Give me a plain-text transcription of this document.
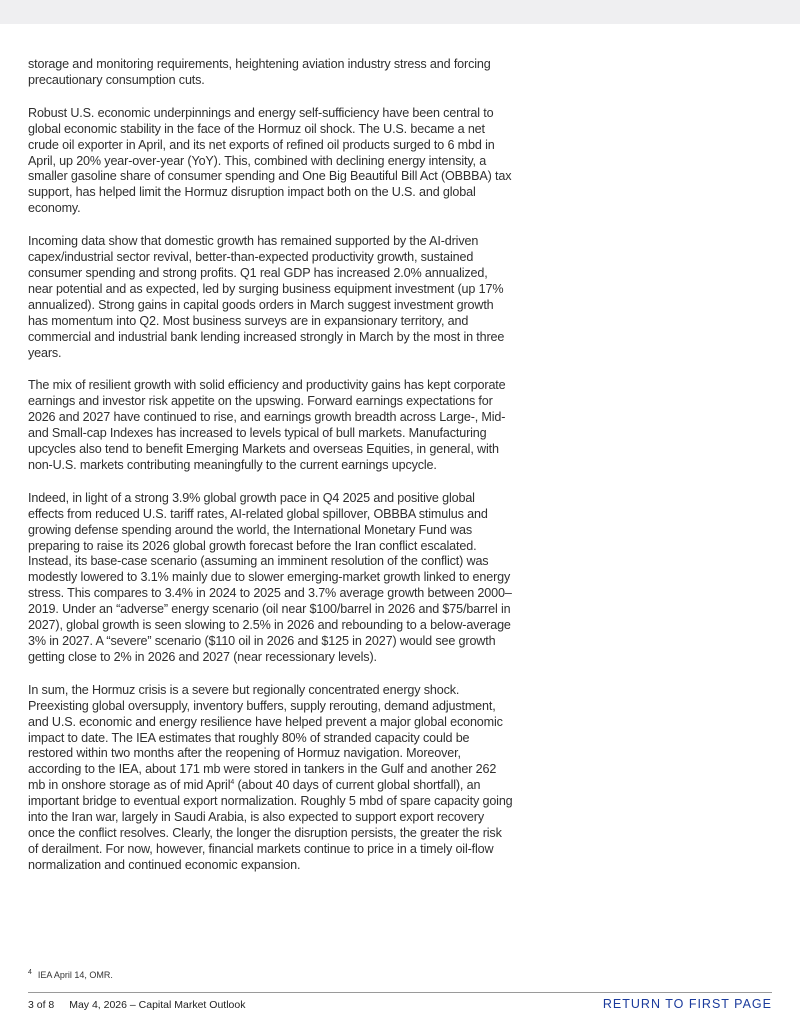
storage and monitoring requirements, heightening aviation industry stress and forcing precautionary consumption cuts.

Robust U.S. economic underpinnings and energy self-sufficiency have been central to global economic stability in the face of the Hormuz oil shock. The U.S. became a net crude oil exporter in April, and its net exports of refined oil products surged to 6 mbd in April, up 20% year-over-year (YoY). This, combined with declining energy intensity, a smaller gasoline share of consumer spending and One Big Beautiful Bill Act (OBBBA) tax support, has helped limit the Hormuz disruption impact both on the U.S. and global economy.

Incoming data show that domestic growth has remained supported by the AI-driven capex/industrial sector revival, better-than-expected productivity growth, sustained consumer spending and strong profits. Q1 real GDP has increased 2.0% annualized, near potential and as expected, led by surging business equipment investment (up 17% annualized). Strong gains in capital goods orders in March suggest investment growth has momentum into Q2. Most business surveys are in expansionary territory, and commercial and industrial bank lending increased strongly in March by the most in three years.

The mix of resilient growth with solid efficiency and productivity gains has kept corporate earnings and investor risk appetite on the upswing. Forward earnings expectations for 2026 and 2027 have continued to rise, and earnings growth breadth across Large-, Mid- and Small-cap Indexes has increased to levels typical of bull markets. Manufacturing upcycles also tend to benefit Emerging Markets and overseas Equities, in general, with non-U.S. markets contributing meaningfully to the current earnings upcycle.

Indeed, in light of a strong 3.9% global growth pace in Q4 2025 and positive global effects from reduced U.S. tariff rates, AI-related global spillover, OBBBA stimulus and growing defense spending around the world, the International Monetary Fund was preparing to raise its 2026 global growth forecast before the Iran conflict escalated. Instead, its base-case scenario (assuming an imminent resolution of the conflict) was modestly lowered to 3.1% mainly due to slower emerging-market growth linked to energy stress. This compares to 3.4% in 2024 to 2025 and 3.7% average growth between 2000–2019. Under an “adverse” energy scenario (oil near $100/barrel in 2026 and $75/barrel in 2027), global growth is seen slowing to 2.5% in 2026 and rebounding to a below-average 3% in 2027. A “severe” scenario ($110 oil in 2026 and $125 in 2027) would see growth getting close to 2% in 2026 and 2027 (near recessionary levels).

In sum, the Hormuz crisis is a severe but regionally concentrated energy shock. Preexisting global oversupply, inventory buffers, supply rerouting, demand adjustment, and U.S. economic and energy resilience have helped prevent a major global economic impact to date. The IEA estimates that roughly 80% of stranded capacity could be restored within two months after the reopening of Hormuz navigation. Moreover, according to the IEA, about 171 mb were stored in tankers in the Gulf and another 262 mb in onshore storage as of mid April$^4$ (about 40 days of current global shortfall), an important bridge to eventual export normalization. Roughly 5 mbd of spare capacity going into the Iran war, largely in Saudi Arabia, is also expected to support export recovery once the conflict resolves. Clearly, the longer the disruption persists, the greater the risk of derailment. For now, however, financial markets continue to price in a timely oil-flow normalization and continued economic expansion.

$^4$ IEA April 14, OMR.
3 of 8 May 4, 2026 – Capital Market Outlook	RETURN TO FIRST PAGE
